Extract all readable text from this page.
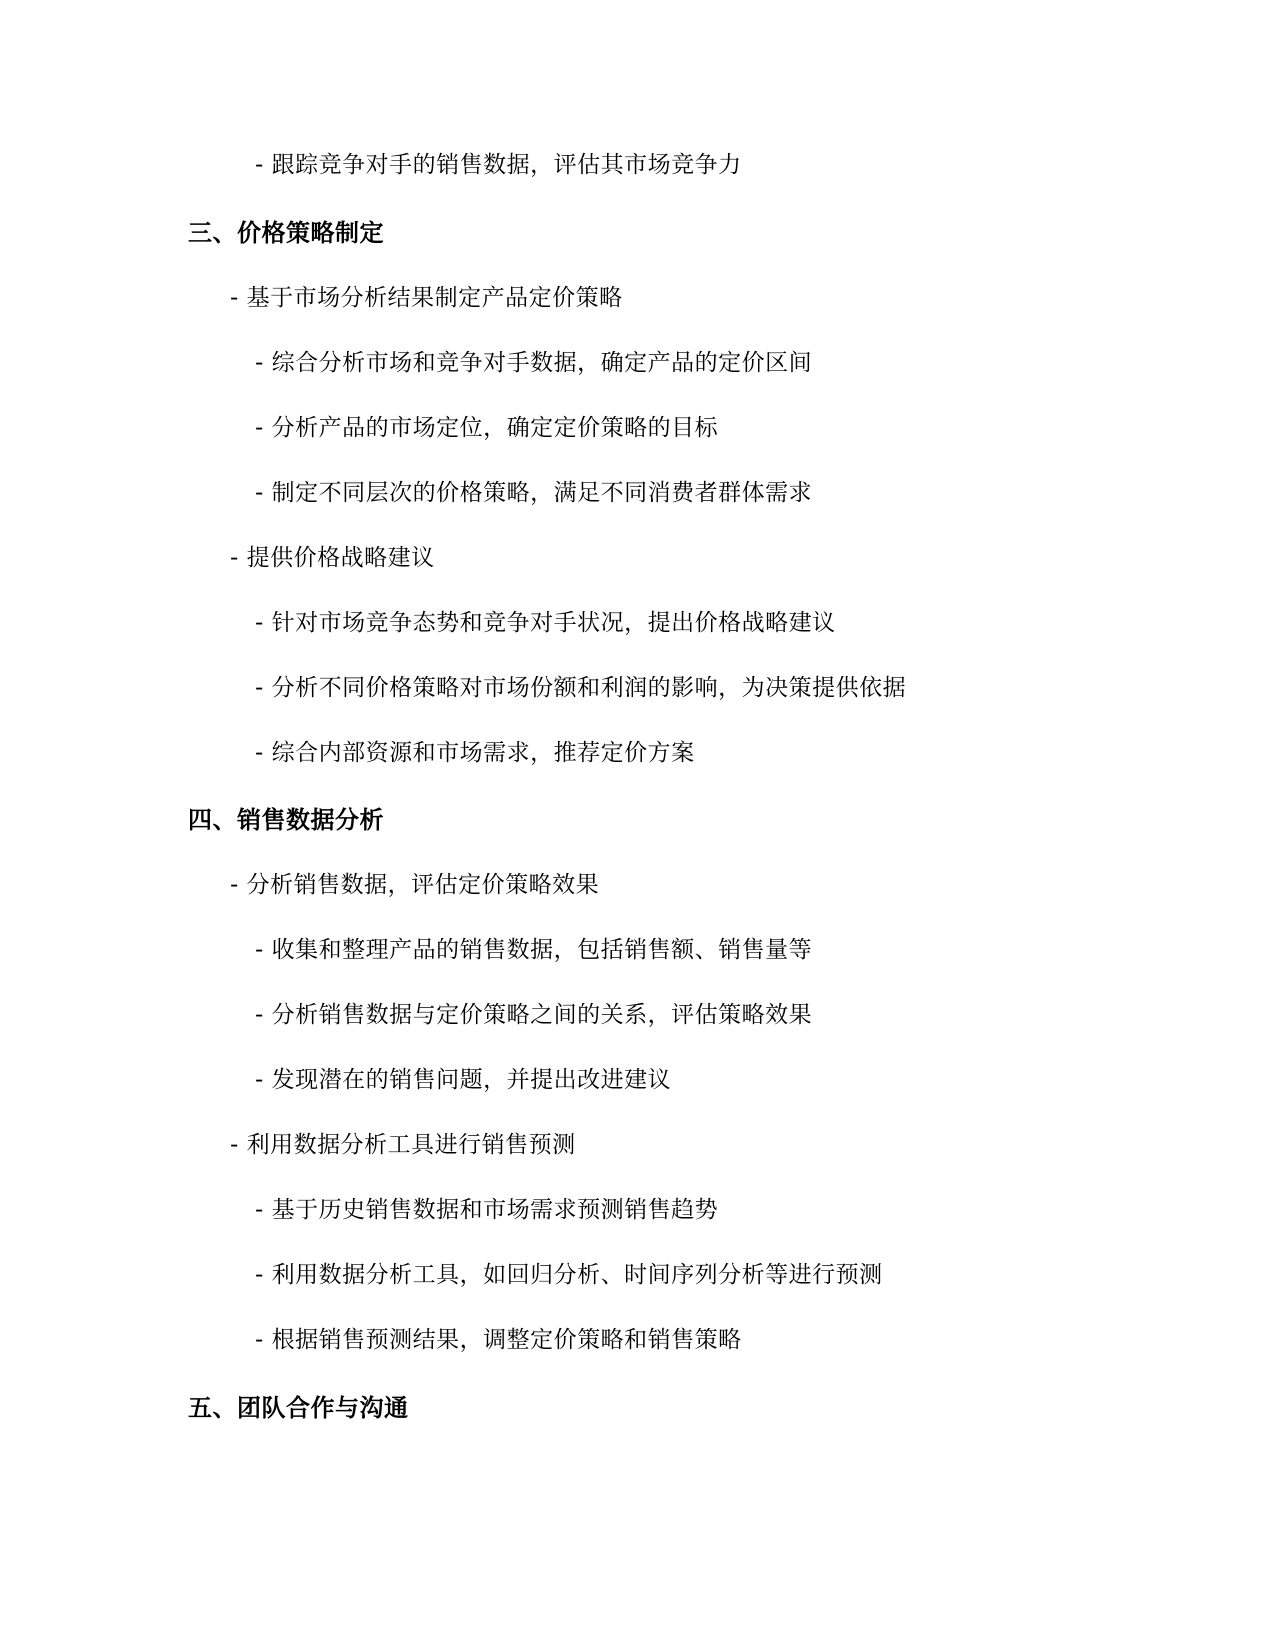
- 跟踪竞争对手的销售数据，评估其市场竞争力
三、价格策略制定
- 基于市场分析结果制定产品定价策略
- 综合分析市场和竞争对手数据，确定产品的定价区间
- 分析产品的市场定位，确定定价策略的目标
- 制定不同层次的价格策略，满足不同消费者群体需求
- 提供价格战略建议
- 针对市场竞争态势和竞争对手状况，提出价格战略建议
- 分析不同价格策略对市场份额和利润的影响，为决策提供依据
- 综合内部资源和市场需求，推荐定价方案
四、销售数据分析
- 分析销售数据，评估定价策略效果
- 收集和整理产品的销售数据，包括销售额、销售量等
- 分析销售数据与定价策略之间的关系，评估策略效果
- 发现潜在的销售问题，并提出改进建议
- 利用数据分析工具进行销售预测
- 基于历史销售数据和市场需求预测销售趋势
- 利用数据分析工具，如回归分析、时间序列分析等进行预测
- 根据销售预测结果，调整定价策略和销售策略
五、团队合作与沟通
